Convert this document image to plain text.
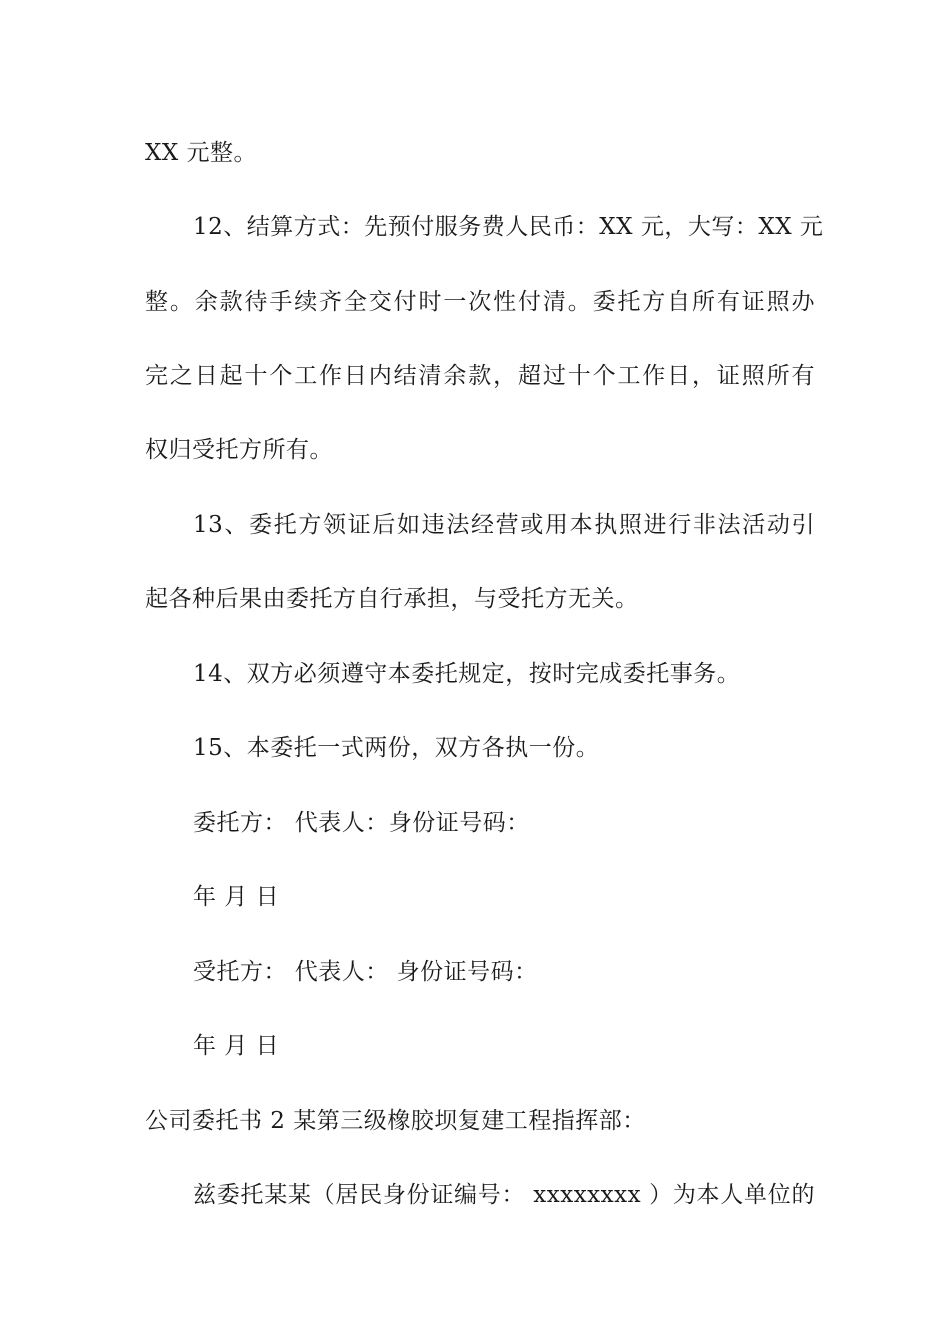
XX 元整。
12、结算方式：先预付服务费人民币：XX 元，大写：XX 元
整。余款待手续齐全交付时一次性付清。委托方自所有证照办
完之日起十个工作日内结清余款，超过十个工作日，证照所有
权归受托方所有。
13、委托方领证后如违法经营或用本执照进行非法活动引
起各种后果由委托方自行承担，与受托方无关。
14、双方必须遵守本委托规定，按时完成委托事务。
15、本委托一式两份，双方各执一份。
委托方： 代表人：身份证号码：
年 月 日
受托方： 代表人： 身份证号码：
年 月 日
公司委托书 2 某第三级橡胶坝复建工程指挥部：
兹委托某某（居民身份证编号： xxxxxxxx ）为本人单位的
